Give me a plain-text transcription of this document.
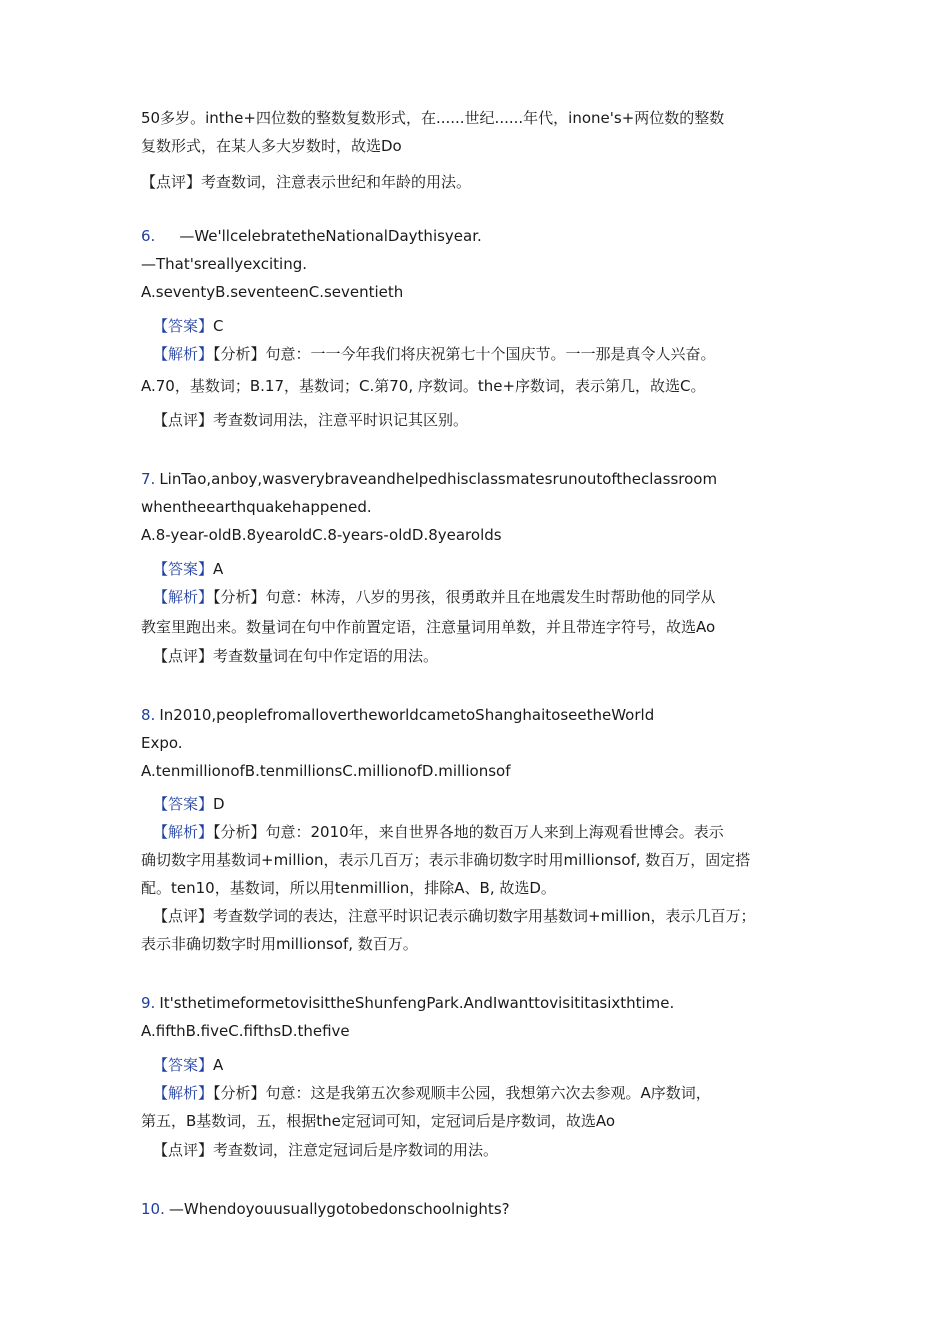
50多岁。inthe+四位数的整数复数形式，在......世纪......年代，inone's+两位数的整数
复数形式，在某人多大岁数时，故选Do
【点评】考查数词，注意表示世纪和年龄的用法。
6. —We'llcelebratetheNationalDaythisyear.
—That'sreallyexciting.
A.seventyB.seventeenC.seventieth
【答案】C
【解析】【分析】句意：一一今年我们将庆祝第七十个国庆节。一一那是真令人兴奋。
A.70，基数词；B.17，基数词；C.第70, 序数词。the+序数词，表示第几，故选C。
【点评】考查数词用法，注意平时识记其区别。
7. LinTao,anboy,wasverybraveandhelpedhisclassmatesrunoutoftheclassroom
whentheearthquakehappened.
A.8-year-oldB.8yearoldC.8-years-oldD.8yearolds
【答案】A
【解析】【分析】句意：林涛，八岁的男孩，很勇敢并且在地震发生时帮助他的同学从
教室里跑出来。数量词在句中作前置定语，注意量词用单数，并且带连字符号，故选Ao
【点评】考查数量词在句中作定语的用法。
8. In2010,peoplefromallovertheworldcametoShanghaitoseetheWorld
Expo.
A.tenmillionofB.tenmillionsC.millionofD.millionsof
【答案】D
【解析】【分析】句意：2010年，来自世界各地的数百万人来到上海观看世博会。表示
确切数字用基数词+million，表示几百万；表示非确切数字时用millionsof, 数百万，固定搭
配。ten10，基数词，所以用tenmillion，排除A、B, 故选D。
【点评】考查数学词的表达，注意平时识记表示确切数字用基数词+million，表示几百万；
表示非确切数字时用millionsof, 数百万。
9. It'sthetimeformetovisittheShunfengPark.AndIwanttovisititasixthtime.
A.fifthB.fiveC.fifthsD.thefive
【答案】A
【解析】【分析】句意：这是我第五次参观顺丰公园，我想第六次去参观。A序数词，
第五，B基数词，五，根据the定冠词可知，定冠词后是序数词，故选Ao
【点评】考查数词，注意定冠词后是序数词的用法。
10. —Whendoyouusuallygotobedonschoolnights?
